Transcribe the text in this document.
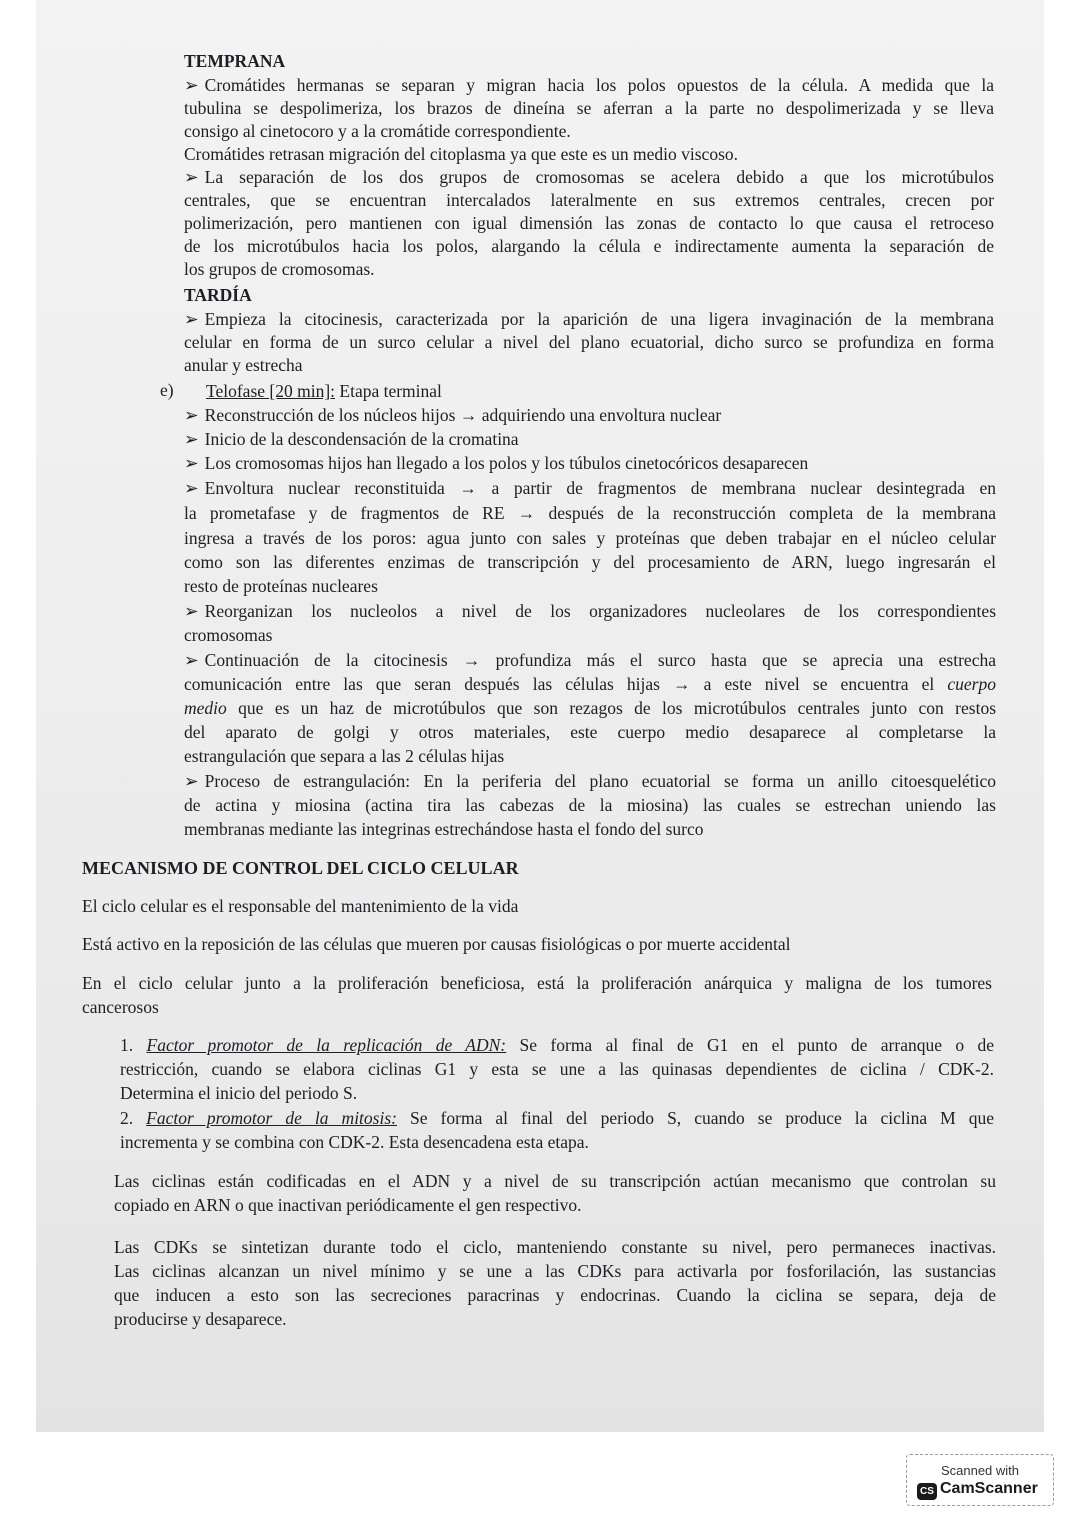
TEMPRANA

➢ Cromátides hermanas se separan y migran hacia los polos opuestos de la célula. A medida que la

tubulina se despolimeriza, los brazos de dineína se aferran a la parte no despolimerizada y se lleva

consigo al cinetocoro y a la cromátide correspondiente.

Cromátides retrasan migración del citoplasma ya que este es un medio viscoso.

➢ La separación de los dos grupos de cromosomas se acelera debido a que los microtúbulos

centrales, que se encuentran intercalados lateralmente en sus extremos centrales, crecen por

polimerización, pero mantienen con igual dimensión las zonas de contacto lo que causa el retroceso

de los microtúbulos hacia los polos, alargando la célula e indirectamente aumenta la separación de

los grupos de cromosomas.

TARDÍA

➢ Empieza la citocinesis, caracterizada por la aparición de una ligera invaginación de la membrana

celular en forma de un surco celular a nivel del plano ecuatorial, dicho surco se profundiza en forma

anular y estrecha

e) Telofase [20 min]: Etapa terminal

➢ Reconstrucción de los núcleos hijos → adquiriendo una envoltura nuclear
➢ Inicio de la descondensación de la cromatina
➢ Los cromosomas hijos han llegado a los polos y los túbulos cinetocóricos desaparecen
➢ Envoltura nuclear reconstituida → a partir de fragmentos de membrana nuclear desintegrada en

la prometafase y de fragmentos de RE → después de la reconstrucción completa de la membrana

ingresa a través de los poros: agua junto con sales y proteínas que deben trabajar en el núcleo celular

como son las diferentes enzimas de transcripción y del procesamiento de ARN, luego ingresarán el

resto de proteínas nucleares

➢ Reorganizan los nucleolos a nivel de los organizadores nucleolares de los correspondientes

cromosomas

➢ Continuación de la citocinesis → profundiza más el surco hasta que se aprecia una estrecha

comunicación entre las que seran después las células hijas → a este nivel se encuentra el cuerpo

medio que es un haz de microtúbulos que son rezagos de los microtúbulos centrales junto con restos

del aparato de golgi y otros materiales, este cuerpo medio desaparece al completarse la

estrangulación que separa a las 2 células hijas

➢ Proceso de estrangulación: En la periferia del plano ecuatorial se forma un anillo citoesquelético

de actina y miosina (actina tira las cabezas de la miosina) las cuales se estrechan uniendo las

membranas mediante las integrinas estrechándose hasta el fondo del surco

MECANISMO DE CONTROL DEL CICLO CELULAR

El ciclo celular es el responsable del mantenimiento de la vida

Está activo en la reposición de las células que mueren por causas fisiológicas o por muerte accidental

En el ciclo celular junto a la proliferación beneficiosa, está la proliferación anárquica y maligna de los tumores

cancerosos

1. Factor promotor de la replicación de ADN: Se forma al final de G1 en el punto de arranque o de

restricción, cuando se elabora ciclinas G1 y esta se une a las quinasas dependientes de ciclina / CDK-2.

Determina el inicio del periodo S.

2. Factor promotor de la mitosis: Se forma al final del periodo S, cuando se produce la ciclina M que

incrementa y se combina con CDK-2. Esta desencadena esta etapa.

Las ciclinas están codificadas en el ADN y a nivel de su transcripción actúan mecanismo que controlan su

copiado en ARN o que inactivan periódicamente el gen respectivo.

Las CDKs se sintetizan durante todo el ciclo, manteniendo constante su nivel, pero permaneces inactivas.

Las ciclinas alcanzan un nivel mínimo y se une a las CDKs para activarla por fosforilación, las sustancias

que inducen a esto son las secreciones paracrinas y endocrinas. Cuando la ciclina se separa, deja de

producirse y desaparece.

Scanned with
CS CamScanner
